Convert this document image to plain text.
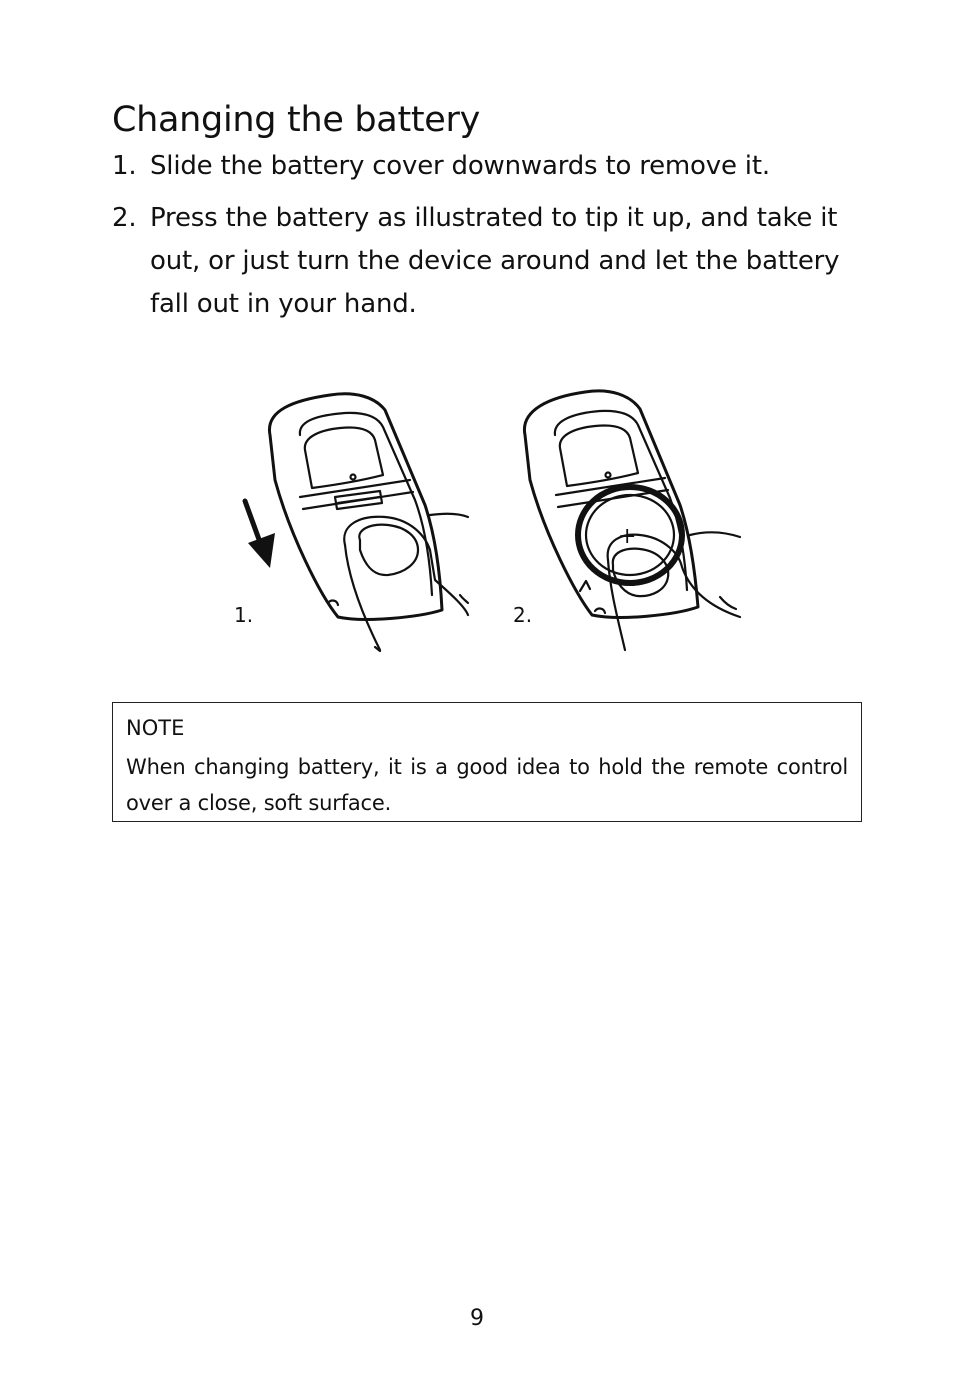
Changing the battery
1. Slide the battery cover downwards to remove it.
2. Press the battery as illustrated to tip it up, and take it out, or just turn the device around and let the battery fall out in your hand.
+
1.	2.

NOTE

When changing battery, it is a good idea to hold the remote control over a close, soft surface.

9
